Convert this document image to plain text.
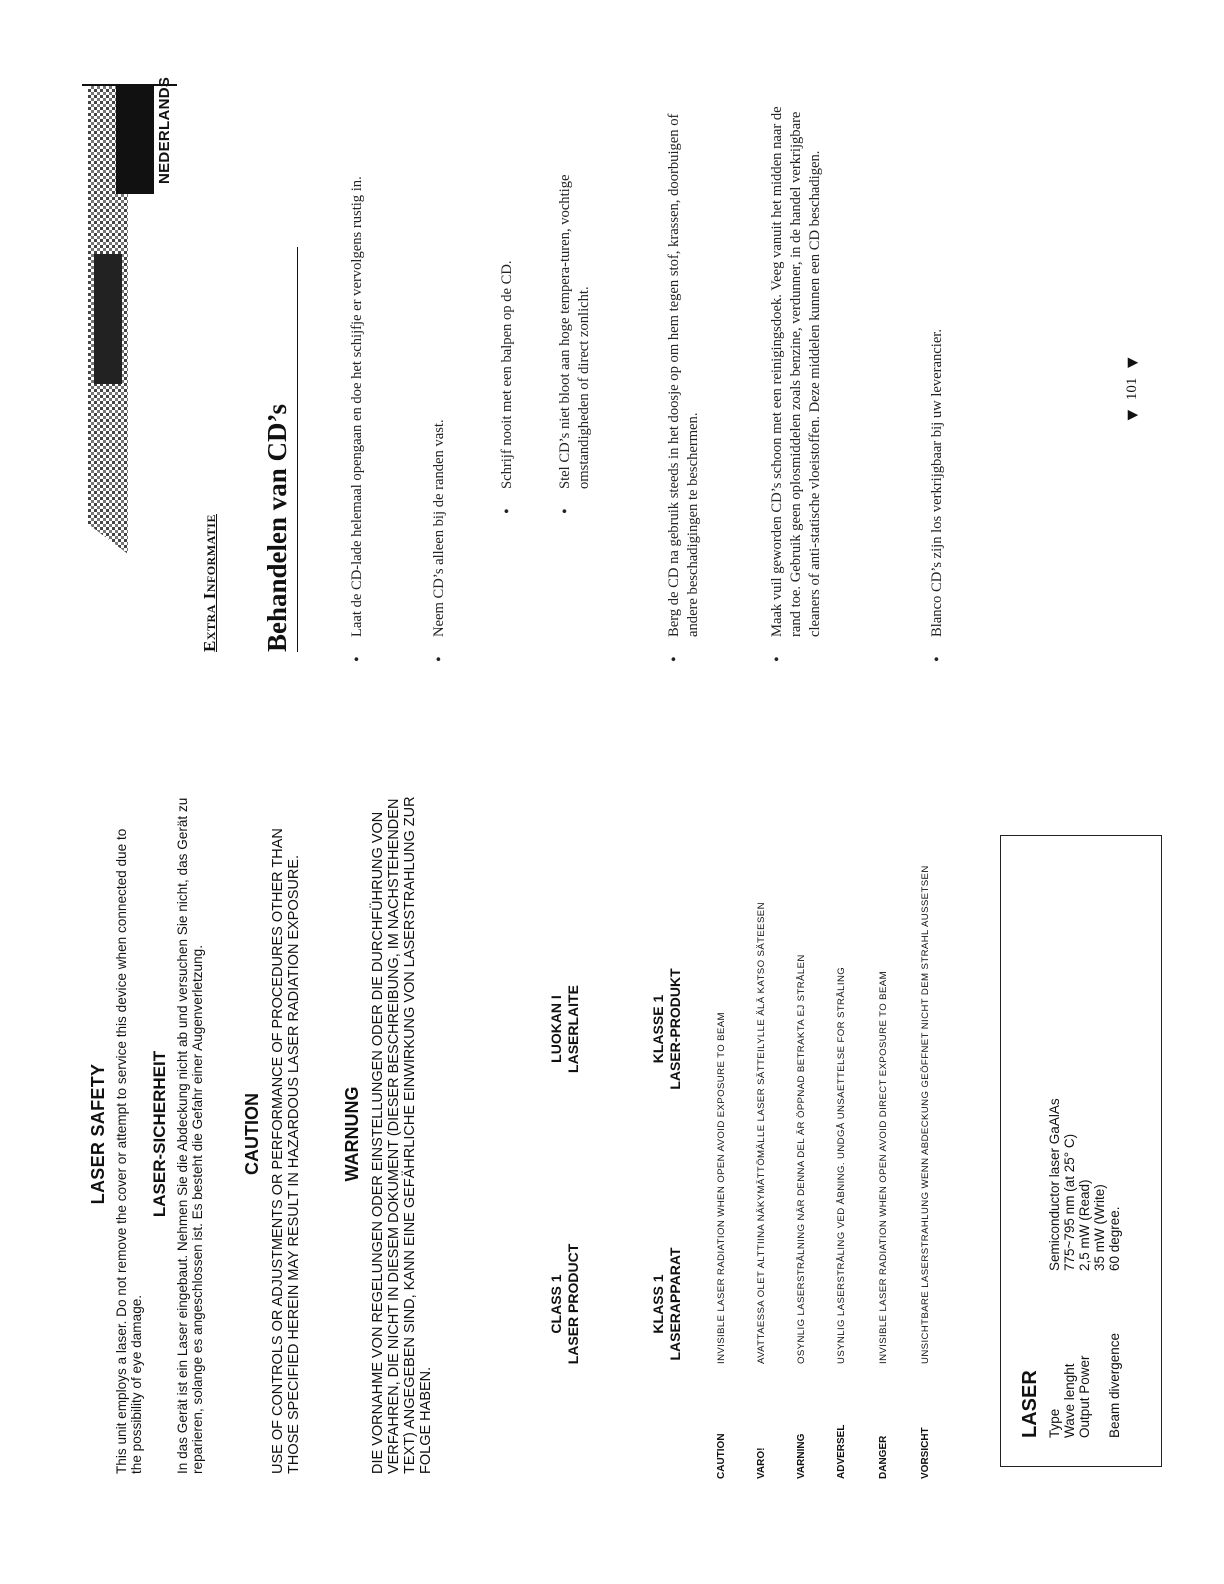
LASER SAFETY This unit employs a laser. Do not remove the cover or attempt to service this device when connected due to the possibility of eye damage.
LASER-SICHERHEIT In das Gerät ist ein Laser eingebaut. Nehmen Sie die Abdeckung nicht ab und versuchen Sie nicht, das Gerät zu reparieren, solange es angeschlossen ist. Es besteht die Gefahr einer Augenverletzung. CAUTION USE OF CONTROLS OR ADJUSTMENTS OR PERFORMANCE OF PROCEDURES OTHER THAN THOSE SPECIFIED HEREIN MAY RESULT IN HAZARDOUS LASER RADIATION EXPOSURE. WARNUNG DIE VORNAHME VON REGELUNGEN ODER EINSTELLUNGEN ODER DIE DURCHFÜHRUNG VON VERFAHREN, DIE NICHT IN DIESEM DOKUMENT (DIESER BESCHREIBUNG, IM NACHSTEHENDEN TEXT) ANGEGEBEN SIND, KANN EINE GEFÄHRLICHE EINWIRKUNG VON LASERSTRAHLUNG ZUR FOLGE HABEN.
CLASS 1 LASER PRODUCT
LUOKAN I LASERLAITE
KLASS 1 LASERAPPARAT
KLASSE 1 LASER-PRODUKT
CAUTION
INVISIBLE LASER RADIATION WHEN OPEN AVOID EXPOSURE TO BEAM
VARO!
AVATTAESSA OLET ALTTIINA NÄKYMÄTTÖMÄLLE LASER SÄTTEILYLLE ÄLÄ KATSO SÄTEESEN
VARNING
OSYNLIG LASERSTRÅLNING NÄR DENNA DEL ÄR ÖPPNAD BETRAKTA EJ STRÅLEN
ADVERSEL
USYNLIG LASERSTRÅLING VED ÅBNING. UNDGÅ UNSAETTELSE FOR STRÅLING
DANGER
INVISIBLE LASER RADIATION WHEN OPEN AVOID DIRECT EXPOSURE TO BEAM
VORSICHT
UNSICHTBARE LASERSTRAHLUNG WENN ABDECKUNG GEÖFFNET NICHT DEM STRAHL AUSSETSEN
LASER Type
Semiconductor laser GaAlAs
Wave lenght
775~795 nm (at 25° C)
Output Power
2,5 mW (Read) 35 mW (Write)
Beam divergence
60 degree.
NEDERLANDS
Extra Informatie Behandelen van CD’s
•
Laat de CD-lade helemaal opengaan en doe het schijfje er vervolgens rustig in.
•
Neem CD’s alleen bij de randen vast.	•
Schrijf nooit met een balpen op de CD.
•
Stel CD’s niet bloot aan hoge tempera-turen, vochtige omstandigheden of direct zonlicht.
•
Berg de CD na gebruik steeds in het doosje op om hem tegen stof, krassen, doorbuigen of andere beschadigingen te beschermen.
•
Maak vuil geworden CD’s schoon met een reinigingsdoek. Veeg vanuit het midden naar de rand toe. Gebruik geen oplosmiddelen zoals benzine, verdunner, in de handel verkrijgbare cleaners of anti-statische vloeistoffen. Deze middelen kunnen een CD beschadigen.
•
Blanco CD’s zijn los verkrijgbaar bij uw leverancier.	▼
101
▼
